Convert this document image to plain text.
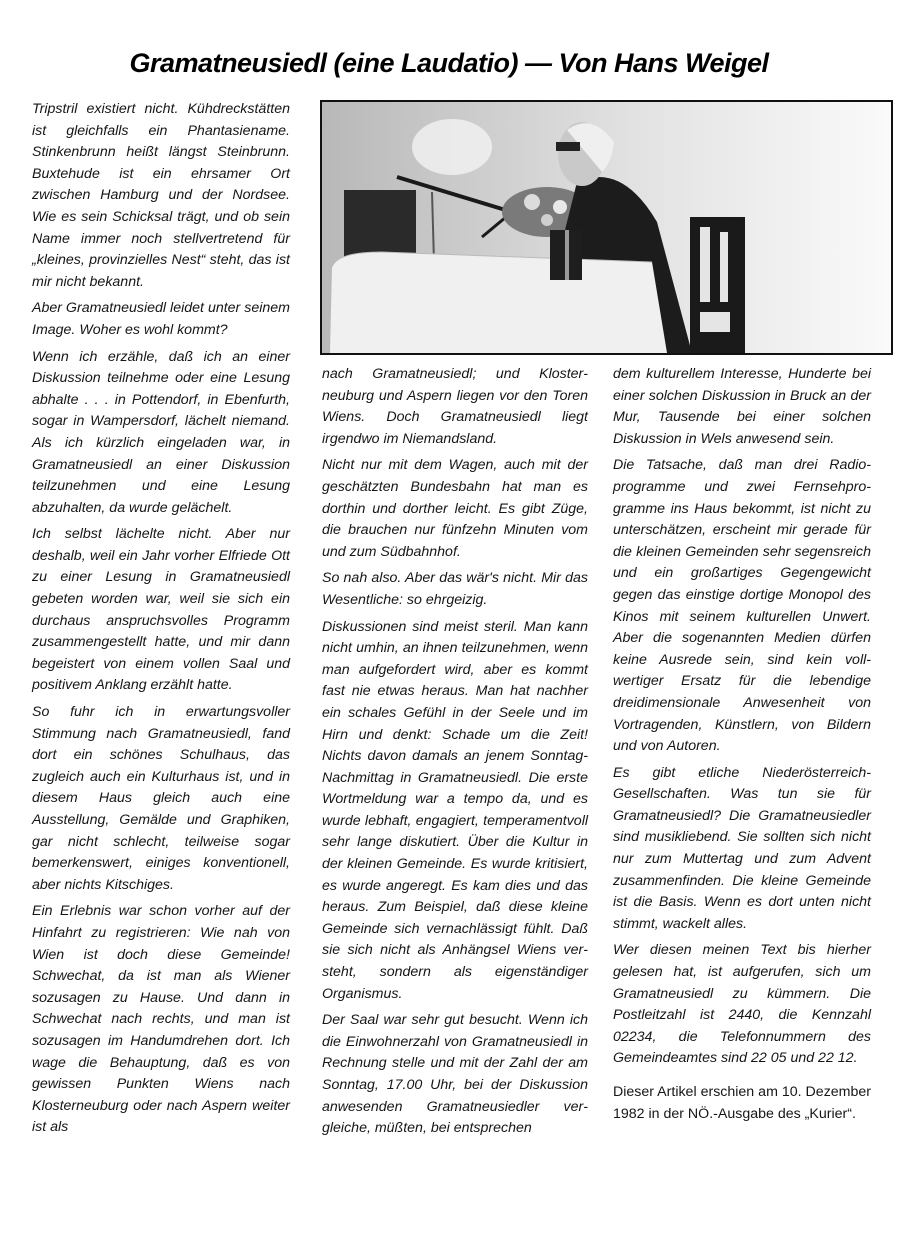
Gramatneusiedl (eine Laudatio) — Von Hans Weigel

Tripstril existiert nicht. Kühdreckstätten ist gleichfalls ein Phantasiename. Stinkenbrunn heißt längst Steinbrunn. Buxtehude ist ein ehrsamer Ort zwischen Hamburg und der Nordsee. Wie es sein Schicksal trägt, und ob sein Name immer noch stellvertretend für „kleines, provinzielles Nest“ steht, das ist mir nicht bekannt.

Aber Gramatneusiedl leidet unter seinem Image. Woher es wohl kommt?

Wenn ich erzähle, daß ich an einer Diskussion teilnehme oder eine Lesung abhalte . . . in Pottendorf, in Ebenfurth, sogar in Wampersdorf, lächelt niemand. Als ich kürzlich eingeladen war, in Gramatneusiedl an einer Diskussion teilzunehmen und eine Lesung abzuhalten, da wurde gelächelt.

Ich selbst lächelte nicht. Aber nur deshalb, weil ein Jahr vorher Elfriede Ott zu einer Lesung in Gramatneusiedl gebeten worden war, weil sie sich ein durchaus anspruchsvolles Programm zusammengestellt hatte, und mir dann begeistert von einem vollen Saal und positivem Anklang erzählt hatte.

So fuhr ich in erwartungsvoller Stimmung nach Gramatneusiedl, fand dort ein schönes Schulhaus, das zugleich auch ein Kulturhaus ist, und in diesem Haus gleich auch eine Ausstellung, Gemälde und Graphiken, gar nicht schlecht, teilweise sogar bemerkenswert, einiges konventionell, aber nichts Kitschiges.

Ein Erlebnis war schon vorher auf der Hinfahrt zu registrieren: Wie nah von Wien ist doch diese Gemeinde! Schwechat, da ist man als Wiener sozusagen zu Hause. Und dann in Schwechat nach rechts, und man ist sozusagen im Handumdrehen dort. Ich wage die Behauptung, daß es von gewissen Punkten Wiens nach Klosterneuburg oder nach Aspern weiter ist als

nach Gramatneusiedl; und Klosterneuburg und Aspern liegen vor den Toren Wiens. Doch Gramatneusiedl liegt irgendwo im Niemandsland.

Nicht nur mit dem Wagen, auch mit der geschätzten Bundesbahn hat man es dorthin und dorther leicht. Es gibt Züge, die brauchen nur fünfzehn Minuten vom und zum Südbahnhof.

So nah also. Aber das wär's nicht. Mir das Wesentliche: so ehrgeizig.

Diskussionen sind meist steril. Man kann nicht umhin, an ihnen teilzunehmen, wenn man aufgefordert wird, aber es kommt fast nie etwas heraus. Man hat nachher ein schales Gefühl in der Seele und im Hirn und denkt: Schade um die Zeit! Nichts davon damals an jenem Sonntag-Nachmittag in Gramatneusiedl. Die erste Wortmeldung war a tempo da, und es wurde lebhaft, engagiert, temperamentvoll sehr lange diskutiert. Über die Kultur in der kleinen Gemeinde. Es wurde kritisiert, es wurde angeregt. Es kam dies und das heraus. Zum Beispiel, daß diese kleine Gemeinde sich vernachlässigt fühlt. Daß sie sich nicht als Anhängsel Wiens versteht, sondern als eigenständiger Organismus.

Der Saal war sehr gut besucht. Wenn ich die Einwohnerzahl von Gramatneusiedl in Rechnung stelle und mit der Zahl der am Sonntag, 17.00 Uhr, bei der Diskussion anwesenden Gramatneusiedler vergleiche, müßten, bei entsprechen

dem kulturellem Interesse, Hunderte bei einer solchen Diskussion in Bruck an der Mur, Tausende bei einer solchen Diskussion in Wels anwesend sein.

Die Tatsache, daß man drei Radioprogramme und zwei Fernsehprogramme ins Haus bekommt, ist nicht zu unterschätzen, erscheint mir gerade für die kleinen Gemeinden sehr segensreich und ein großartiges Gegengewicht gegen das einstige dortige Monopol des Kinos mit seinem kulturellen Unwert. Aber die sogenannten Medien dürfen keine Ausrede sein, sind kein vollwertiger Ersatz für die lebendige dreidimensionale Anwesenheit von Vortragenden, Künstlern, von Bildern und von Autoren.

Es gibt etliche Niederösterreich-Gesellschaften. Was tun sie für Gramatneusiedl? Die Gramatneusiedler sind musikliebend. Sie sollten sich nicht nur zum Muttertag und zum Advent zusammenfinden. Die kleine Gemeinde ist die Basis. Wenn es dort unten nicht stimmt, wackelt alles.

Wer diesen meinen Text bis hierher gelesen hat, ist aufgerufen, sich um Gramatneusiedl zu kümmern. Die Postleitzahl ist 2440, die Kennzahl 02234, die Telefonnummern des Gemeindeamtes sind 22 05 und 22 12.

Dieser Artikel erschien am 10. Dezember 1982 in der NÖ.-Ausgabe des „Kurier“.
